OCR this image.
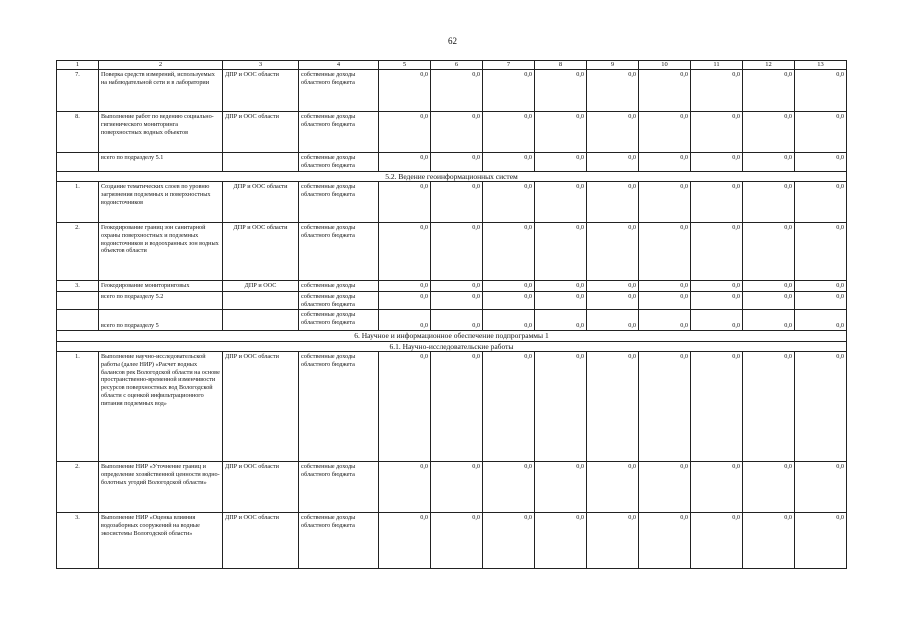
62
1	2	3	4	5	6	7	8	9	10	11	12	13
7.	Поверка средств измерений, используемых на наблюдательной сети и в лаборатории	ДПР и ООС области	собственные доходы областного бюджета	0,0	0,0	0,0	0,0	0,0	0,0	0,0	0,0	0,0
8.	Выполнение работ по ведению социально-гигиенического мониторинга поверхностных водных объектов	ДПР и ООС области	собственные доходы областного бюджета	0,0	0,0	0,0	0,0	0,0	0,0	0,0	0,0	0,0
	всего по подразделу 5.1		собственные доходы областного бюджета	0,0	0,0	0,0	0,0	0,0	0,0	0,0	0,0	0,0
5.2. Ведение геоинформационных систем												
1.	Создание тематических слоев по уровню загрязнения подземных и поверхностных водоисточников	ДПР и ООС области	собственные доходы областного бюджета	0,0	0,0	0,0	0,0	0,0	0,0	0,0	0,0	0,0
2.	Геокодирование границ зон санитарной охраны поверхностных и подземных водоисточников и водоохранных зон водных объектов области	ДПР и ООС области	собственные доходы областного бюджета	0,0	0,0	0,0	0,0	0,0	0,0	0,0	0,0	0,0
3.	Геокодирование мониторинговых	ДПР и ООС	собственные доходы	0,0	0,0	0,0	0,0	0,0	0,0	0,0	0,0	0,0
	всего по подразделу 5.2		собственные доходы областного бюджета	0,0	0,0	0,0	0,0	0,0	0,0	0,0	0,0	0,0
	всего по подразделу 5		собственные доходы областного бюджета	0,0	0,0	0,0	0,0	0,0	0,0	0,0	0,0	0,0
6. Научное и информационное обеспечение подпрограммы 1												
6.1. Научно-исследовательские работы												
1.	Выполнение научно-исследовательской работы (далее НИР) «Расчет водных балансов рек Вологодской области на основе пространственно-временной изменчивости ресурсов поверхностных вод Вологодской области с оценкой инфильтрационного питания подземных вод»	ДПР и ООС области	собственные доходы областного бюджета	0,0	0,0	0,0	0,0	0,0	0,0	0,0	0,0	0,0
2.	Выполнение НИР «Уточнение границ и определение хозяйственной ценности водно-болотных угодий Вологодской области»	ДПР и ООС области	собственные доходы областного бюджета	0,0	0,0	0,0	0,0	0,0	0,0	0,0	0,0	0,0
3.	Выполнение НИР «Оценка влияния водозаборных сооружений на водные экосистемы Вологодской области»	ДПР и ООС области	собственные доходы областного бюджета	0,0	0,0	0,0	0,0	0,0	0,0	0,0	0,0	0,0
